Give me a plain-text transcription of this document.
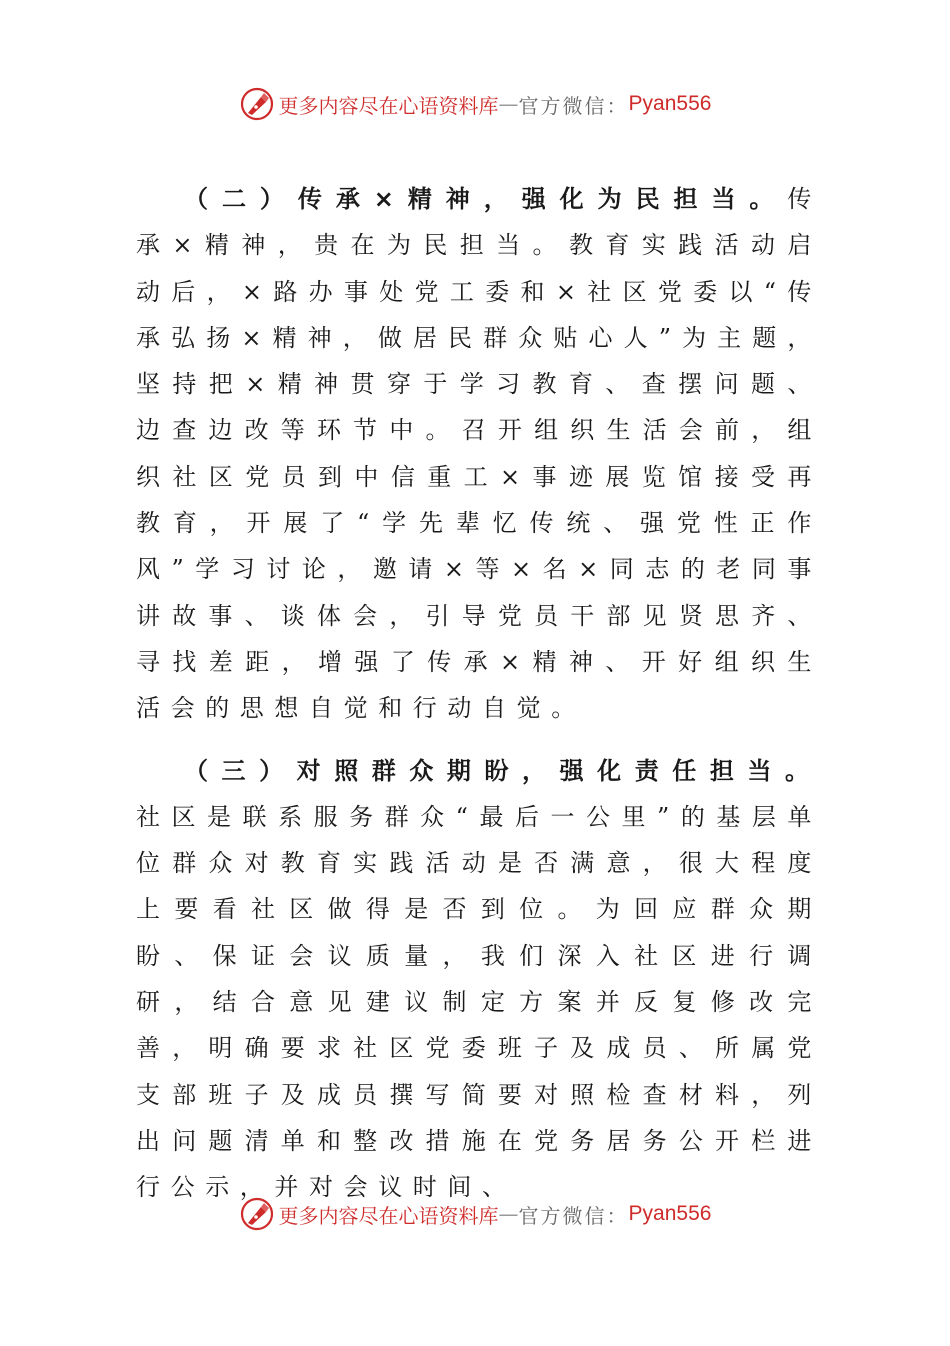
更多内容尽在心语资料库 — 官方微信： Pyan556

（二）传承×精神，强化为民担当。传承×精神，贵在为民担当。教育实践活动启动后，×路办事处党工委和×社区党委以“传承弘扬×精神，做居民群众贴心人”为主题，坚持把×精神贯穿于学习教育、查摆问题、边查边改等环节中。召开组织生活会前，组织社区党员到中信重工×事迹展览馆接受再教育，开展了“学先辈忆传统、强党性正作风”学习讨论，邀请×等×名×同志的老同事讲故事、谈体会，引导党员干部见贤思齐、寻找差距，增强了传承×精神、开好组织生活会的思想自觉和行动自觉。

（三）对照群众期盼，强化责任担当。社区是联系服务群众“最后一公里”的基层单位群众对教育实践活动是否满意，很大程度上要看社区做得是否到位。为回应群众期盼、保证会议质量，我们深入社区进行调研，结合意见建议制定方案并反复修改完善，明确要求社区党委班子及成员、所属党支部班子及成员撰写简要对照检查材料，列出问题清单和整改措施在党务居务公开栏进行公示，并对会议时间、

更多内容尽在心语资料库 — 官方微信： Pyan556
